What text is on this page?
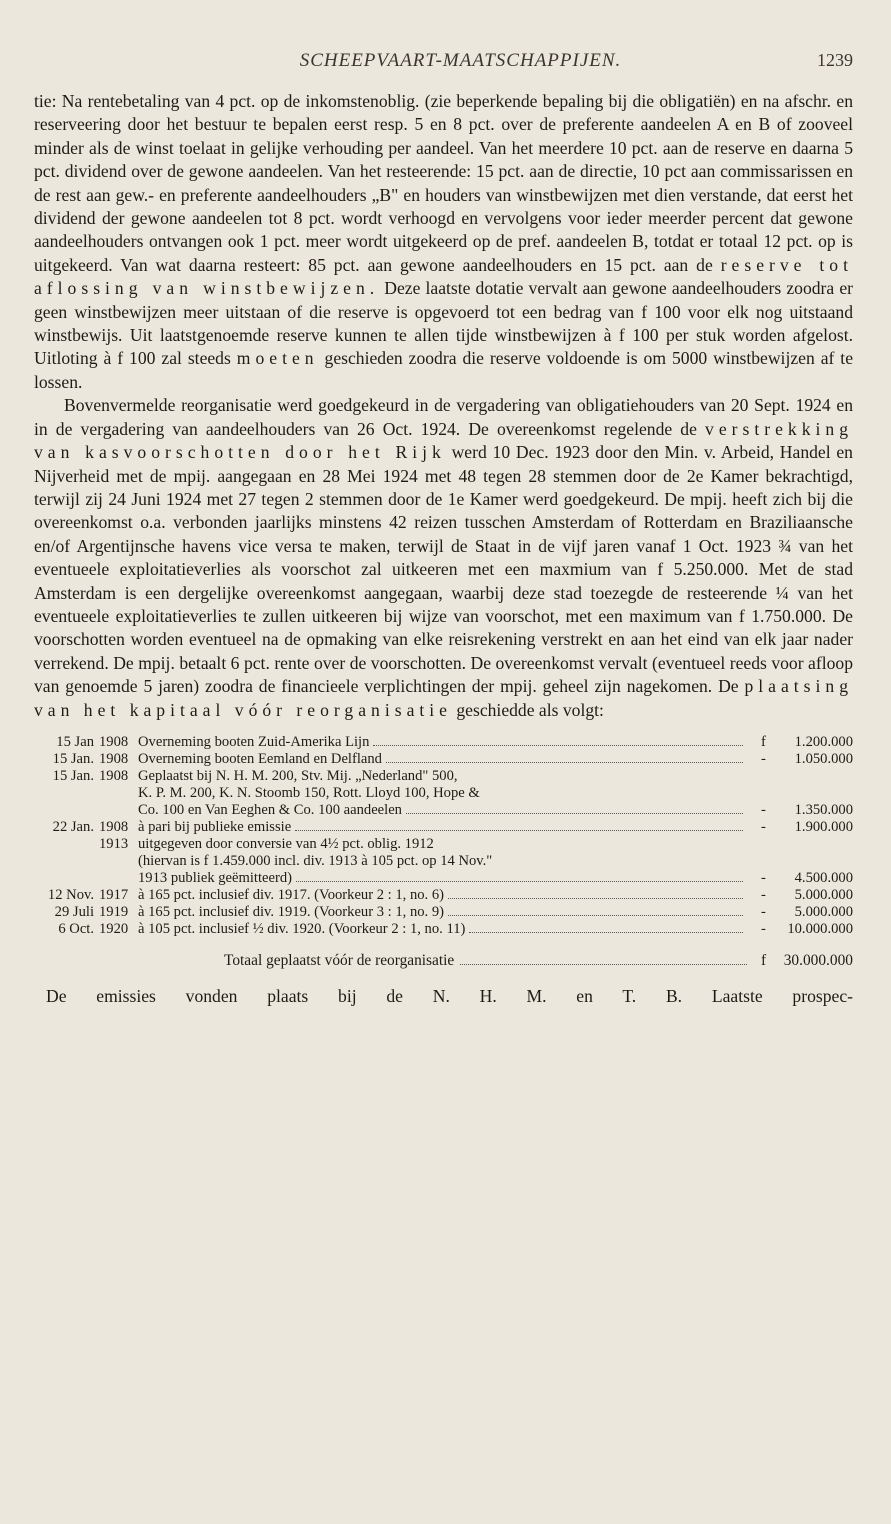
SCHEEPVAART-MAATSCHAPPIJEN.	1239

tie: Na rentebetaling van 4 pct. op de inkomstenoblig. (zie beperkende bepaling bij die obligatiën) en na afschr. en reserveering door het bestuur te bepalen eerst resp. 5 en 8 pct. over de preferente aandeelen A en B of zooveel minder als de winst toelaat in gelijke verhouding per aandeel. Van het meerdere 10 pct. aan de reserve en daarna 5 pct. dividend over de gewone aandeelen. Van het resteerende: 15 pct. aan de directie, 10 pct aan commissarissen en de rest aan gew.- en preferente aandeelhouders „B" en houders van winstbewijzen met dien verstande, dat eerst het dividend der gewone aandeelen tot 8 pct. wordt verhoogd en vervolgens voor ieder meerder percent dat gewone aandeelhouders ontvangen ook 1 pct. meer wordt uitgekeerd op de pref. aandeelen B, totdat er totaal 12 pct. op is uitgekeerd. Van wat daarna resteert: 85 pct. aan gewone aandeelhouders en 15 pct. aan de reserve tot aflossing van winstbewijzen. Deze laatste dotatie vervalt aan gewone aandeelhouders zoodra er geen winstbewijzen meer uitstaan of die reserve is opgevoerd tot een bedrag van f 100 voor elk nog uitstaand winstbewijs. Uit laatstgenoemde reserve kunnen te allen tijde winstbewijzen à f 100 per stuk worden afgelost. Uitloting à f 100 zal steeds moeten geschieden zoodra die reserve voldoende is om 5000 winstbewijzen af te lossen.

Bovenvermelde reorganisatie werd goedgekeurd in de vergadering van obligatiehouders van 20 Sept. 1924 en in de vergadering van aandeelhouders van 26 Oct. 1924. De overeenkomst regelende de verstrekking van kasvoorschotten door het Rijk werd 10 Dec. 1923 door den Min. v. Arbeid, Handel en Nijverheid met de mpij. aangegaan en 28 Mei 1924 met 48 tegen 28 stemmen door de 2e Kamer bekrachtigd, terwijl zij 24 Juni 1924 met 27 tegen 2 stemmen door de 1e Kamer werd goedgekeurd. De mpij. heeft zich bij die overeenkomst o.a. verbonden jaarlijks minstens 42 reizen tusschen Amsterdam of Rotterdam en Braziliaansche en/of Argentijnsche havens vice versa te maken, terwijl de Staat in de vijf jaren vanaf 1 Oct. 1923 ¾ van het eventueele exploitatieverlies als voorschot zal uitkeeren met een maxmium van f 5.250.000. Met de stad Amsterdam is een dergelijke overeenkomst aangegaan, waarbij deze stad toezegde de resteerende ¼ van het eventueele exploitatieverlies te zullen uitkeeren bij wijze van voorschot, met een maximum van f 1.750.000. De voorschotten worden eventueel na de opmaking van elke reisrekening verstrekt en aan het eind van elk jaar nader verrekend. De mpij. betaalt 6 pct. rente over de voorschotten. De overeenkomst vervalt (eventueel reeds voor afloop van genoemde 5 jaren) zoodra de financieele verplichtingen der mpij. geheel zijn nagekomen. De plaatsing van het kapitaal vóór reorganisatie geschiedde als volgt:

15 Jan 1908 Overneming booten Zuid-Amerika Lijn	f	1.200.000
15 Jan. 1908 Overneming booten Eemland en Delfland	-	1.050.000
15 Jan. 1908 Geplaatst bij N. H. M. 200, Stv. Mij. „Nederland" 500,
K. P. M. 200, K. N. Stoomb 150, Rott. Lloyd 100, Hope &
Co. 100 en Van Eeghen & Co. 100 aandeelen	-	1.350.000
22 Jan. 1908 à pari bij publieke emissie	-	1.900.000
1913 uitgegeven door conversie van 4½ pct. oblig. 1912
(hiervan is f 1.459.000 incl. div. 1913 à 105 pct. op 14 Nov."
1913 publiek geëmitteerd)	-	4.500.000
12 Nov. 1917 à 165 pct. inclusief div. 1917. (Voorkeur 2 : 1, no. 6)	-	5.000.000
29 Juli 1919 à 165 pct. inclusief div. 1919. (Voorkeur 3 : 1, no. 9)	-	5.000.000
6 Oct. 1920 à 105 pct. inclusief ½ div. 1920. (Voorkeur 2 : 1, no. 11)	-	10.000.000
Totaal geplaatst vóór de reorganisatie	f	30.000.000
De emissies vonden plaats bij de N. H. M. en T. B. Laatste prospec-
